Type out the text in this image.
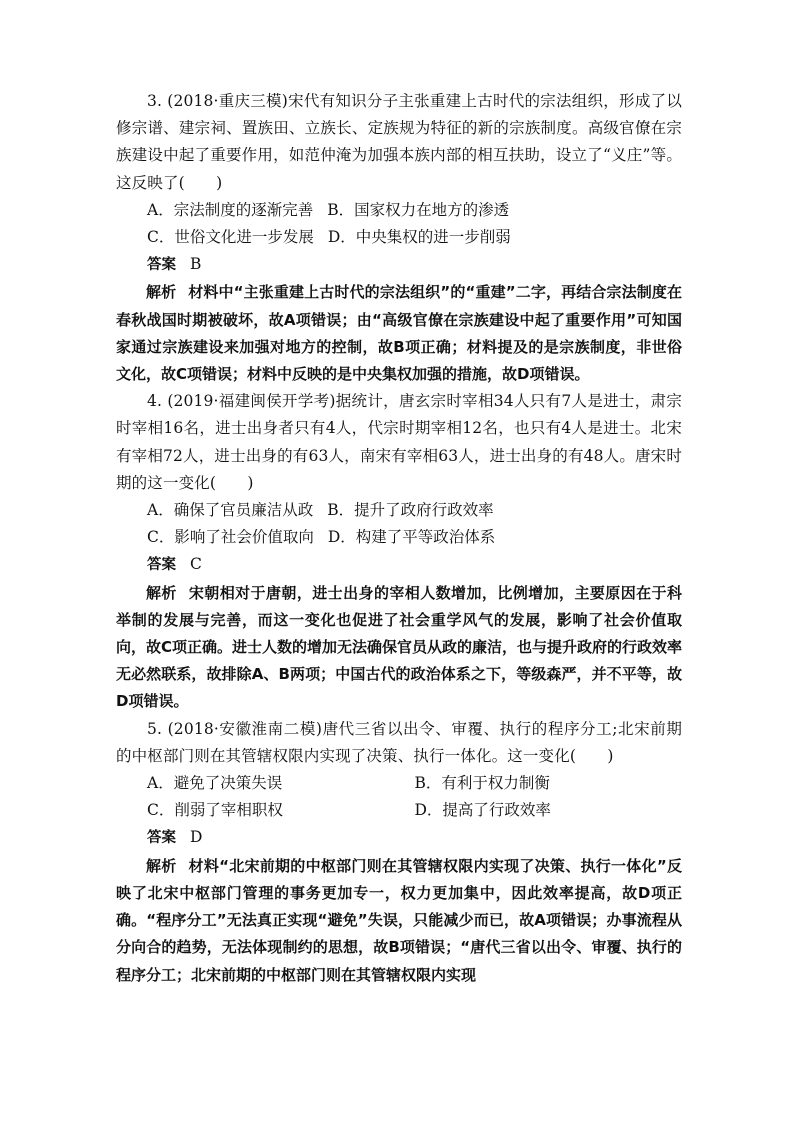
3. (2018·重庆三模)宋代有知识分子主张重建上古时代的宗法组织，形成了以修宗谱、建宗祠、置族田、立族长、定族规为特征的新的宗族制度。高级官僚在宗族建设中起了重要作用，如范仲淹为加强本族内部的相互扶助，设立了“义庄”等。这反映了(　　)

A．宗法制度的逐渐完善 B．国家权力在地方的渗透
C．世俗文化进一步发展 D．中央集权的进一步削弱
答案 B

解析 材料中“主张重建上古时代的宗法组织”的“重建”二字，再结合宗法制度在春秋战国时期被破坏，故A项错误；由“高级官僚在宗族建设中起了重要作用”可知国家通过宗族建设来加强对地方的控制，故B项正确；材料提及的是宗族制度，非世俗文化，故C项错误；材料中反映的是中央集权加强的措施，故D项错误。

4. (2019·福建闽侯开学考)据统计，唐玄宗时宰相34人只有7人是进士，肃宗时宰相16名，进士出身者只有4人，代宗时期宰相12名，也只有4人是进士。北宋有宰相72人，进士出身的有63人，南宋有宰相63人，进士出身的有48人。唐宋时期的这一变化(　　)

A．确保了官员廉洁从政 B．提升了政府行政效率
C．影响了社会价值取向 D．构建了平等政治体系
答案 C

解析 宋朝相对于唐朝，进士出身的宰相人数增加，比例增加，主要原因在于科举制的发展与完善，而这一变化也促进了社会重学风气的发展，影响了社会价值取向，故C项正确。进士人数的增加无法确保官员从政的廉洁，也与提升政府的行政效率无必然联系，故排除A、B两项；中国古代的政治体系之下，等级森严，并不平等，故D项错误。

5. (2018·安徽淮南二模)唐代三省以出令、审覆、执行的程序分工;北宋前期的中枢部门则在其管辖权限内实现了决策、执行一体化。这一变化(　　)

A．避免了决策失误	B．有利于权力制衡
C．削弱了宰相职权	D．提高了行政效率
答案 D

解析 材料“北宋前期的中枢部门则在其管辖权限内实现了决策、执行一体化”反映了北宋中枢部门管理的事务更加专一，权力更加集中，因此效率提高，故D项正确。“程序分工”无法真正实现“避免”失误，只能减少而已，故A项错误；办事流程从分向合的趋势，无法体现制约的思想，故B项错误；“唐代三省以出令、审覆、执行的程序分工；北宋前期的中枢部门则在其管辖权限内实现
